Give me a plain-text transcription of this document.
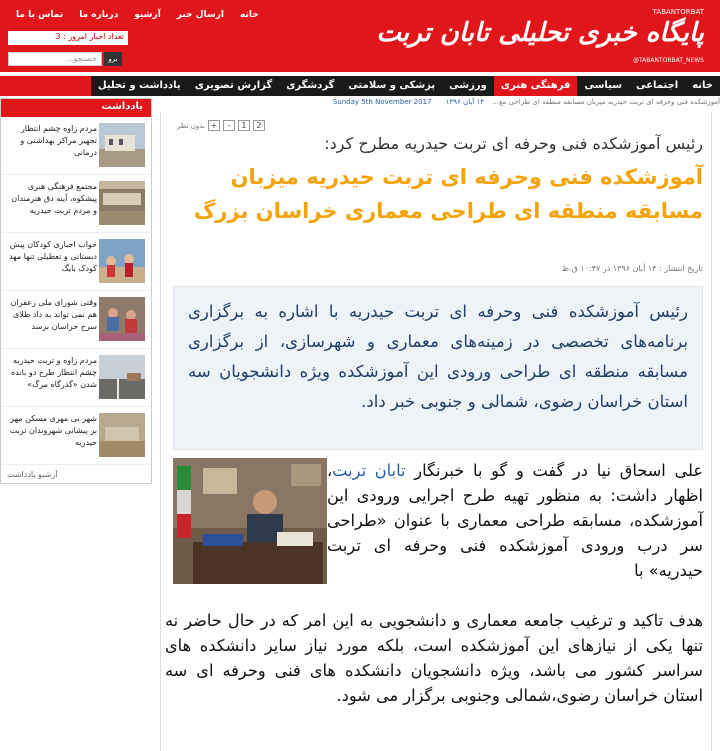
خانه
ارسال خبر
آرشیو
درباره ما
تماس با ما
تعداد اخبار امروز : 3
جستجو...	برو
TABANTORBAT
پایگاه خبری تحلیلی تابان تربت
@TABANTORBAT_NEWS
خانه
اجتماعی
سیاسی
فرهنگی هنری
ورزشی
پزشکی و سلامتی
گردشگری
گزارش تصویری
یادداشت و تحلیل
یادداشت
مردم زاوه چشم انتظار تجهیز مراکز بهداشتی و درمانی
مجتمع فرهنگی هنری پیشکوه، آینه دق هنرمندان و مردم تربت حیدریه
خواب اجباری کودکان پیش دبستانی و تعطیلی تنها مهد کودک بایگ
وقتی شورای ملی زعفران هم نمی تواند به داد طلای سرخ خراسان برسد
مردم زاوه و تربت حیدریه چشم انتظار طرح دو بانده شدن «گذرگاه مرگ»
شهر بی مهری مسکن مهر بر پیشانی شهروندان تربت حیدریه
آرشیو یادداشت
آموزشکده فنی وحرفه ای تربت حیدریه میزبان مسابقه منطقه ای طراحی مع... ۱۴ آبان ۱۳۹۶ Sunday 5th November 2017
بدون نظر +	-	1	2
رئیس آموزشکده فنی وحرفه ای تربت حیدریه مطرح کرد:
آموزشکده فنی وحرفه ای تربت حیدریه میزبان مسابقه منطقه ای طراحی معماری خراسان بزرگ
تاریخ انتشار : ۱۴ آبان ۱۳۹۶ در ۱۰:۴۷ ق.ظ
رئیس آموزشکده فنی وحرفه ای تربت حیدریه با اشاره به برگزاری برنامه‌های تخصصی در زمینه‌های معماری و شهرسازی، از برگزاری مسابقه منطقه ای طراحی ورودی این آموزشکده ویژه دانشجویان سه استان خراسان رضوی، شمالی و جنوبی خبر داد.
علی اسحاق نیا در گفت و گو با خبرنگار تابان تربت، اظهار داشت: به منظور تهیه طرح اجرایی ورودی این آموزشکده، مسابقه طراحی معماری با عنوان «طراحی سر درب ورودی آموزشکده فنی وحرفه ای تربت حیدریه» با
هدف تاکید و ترغیب جامعه معماری و دانشجویی به این امر که در حال حاضر نه تنها یکی از نیازهای این آموزشکده است، بلکه مورد نیاز سایر دانشکده های سراسر کشور می باشد، ویژه دانشجویان دانشکده های فنی وحرفه ای سه استان خراسان رضوی،شمالی وجنوبی برگزار می شود.
